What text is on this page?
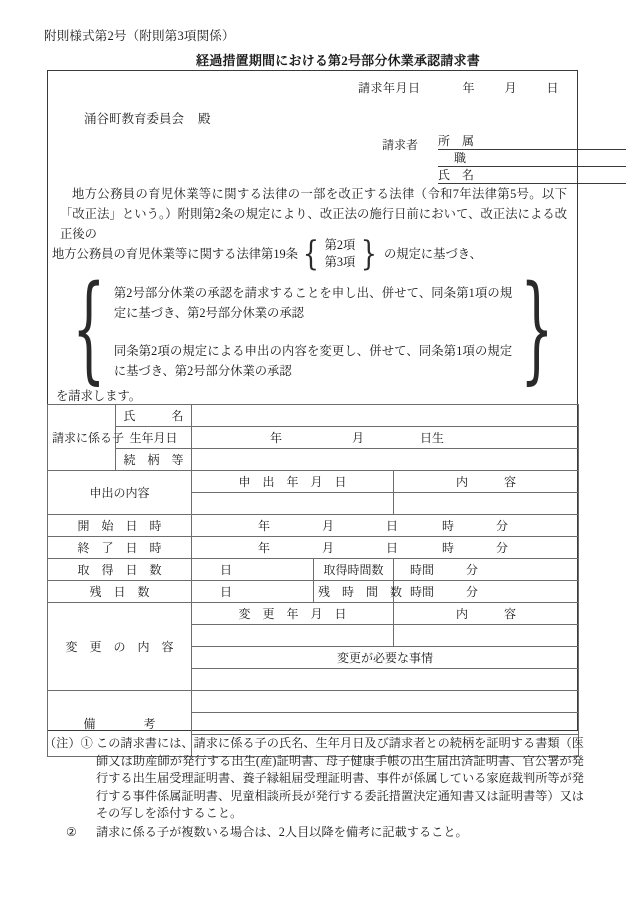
附則様式第2号（附則第3項関係）
経過措置期間における第2号部分休業承認請求書
請求年月日	年 月 日
涌谷町教育委員会 殿
請求者 所　属
職
氏　名
地方公務員の育児休業等に関する法律の一部を改正する法律（令和7年法律第5号。以下「改正法」という。）附則第2条の規定により、改正法の施行日前において、改正法による改正後の
地方公務員の育児休業等に関する法律第19条 { 第2項
第3項 } の規定に基づき、
{ 第2号部分休業の承認を請求することを申し出、併せて、同条第1項の規定に基づき、第2号部分休業の承認
同条第2項の規定による申出の内容を変更し、併せて、同条第1項の規定に基づき、第2号部分休業の承認	}
を請求します。
請求に係る子	氏　　　名			
	生年月日	年 月 日生		
	続　柄　等			
申出の内容		申　出　年　月　日		内　　　容

開　始　日　時		年 月 日 時 分		
終　了　日　時		年 月 日 時 分		
取　得　日　数		日	取得時間数	時間 分
残　日　数		日	残　時　間　数	時間 分
変　更　の　内　容		変　更　年　月　日		内　　　容

		変更が必要な事情		

備　　　　考				

（注）① この請求書には、請求に係る子の氏名、生年月日及び請求者との続柄を証明する書類（医師又は助産師が発行する出生(産)証明書、母子健康手帳の出生届出済証明書、官公署が発行する出生届受理証明書、養子縁組届受理証明書、事件が係属している家庭裁判所等が発行する事件係属証明書、児童相談所長が発行する委託措置決定通知書又は証明書等）又はその写しを添付すること。
②	請求に係る子が複数いる場合は、2人目以降を備考に記載すること。
